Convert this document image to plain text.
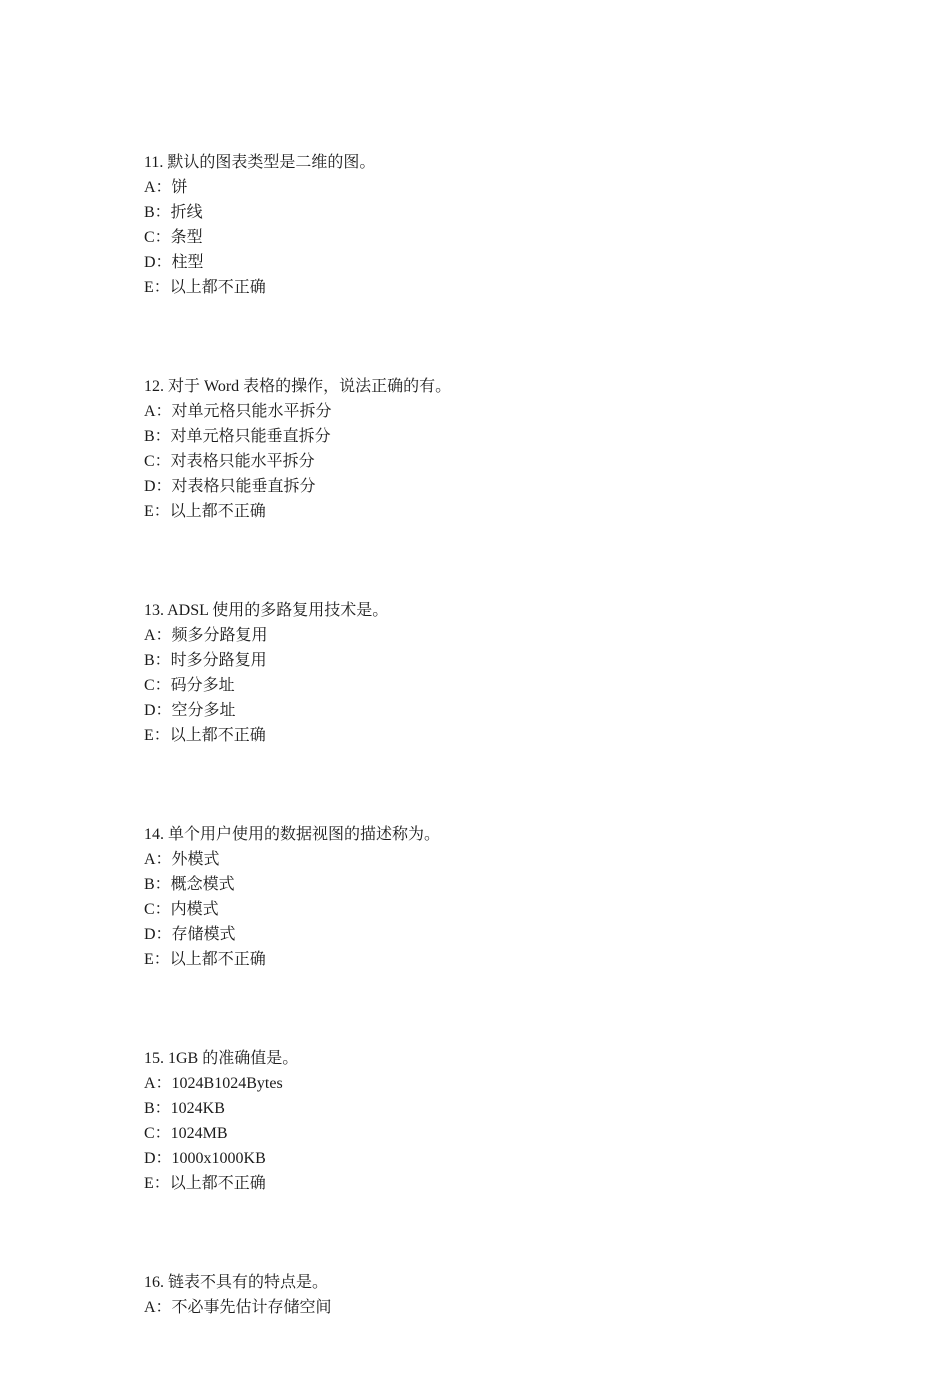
11. 默认的图表类型是二维的图。
A：饼
B：折线
C：条型
D：柱型
E：以上都不正确
12. 对于 Word 表格的操作，说法正确的有。
A：对单元格只能水平拆分
B：对单元格只能垂直拆分
C：对表格只能水平拆分
D：对表格只能垂直拆分
E：以上都不正确
13. ADSL 使用的多路复用技术是。
A：频多分路复用
B：时多分路复用
C：码分多址
D：空分多址
E：以上都不正确
14. 单个用户使用的数据视图的描述称为。
A：外模式
B：概念模式
C：内模式
D：存储模式
E：以上都不正确
15. 1GB 的准确值是。
A：1024B1024Bytes
B：1024KB
C：1024MB
D：1000x1000KB
E：以上都不正确
16. 链表不具有的特点是。
A：不必事先估计存储空间
